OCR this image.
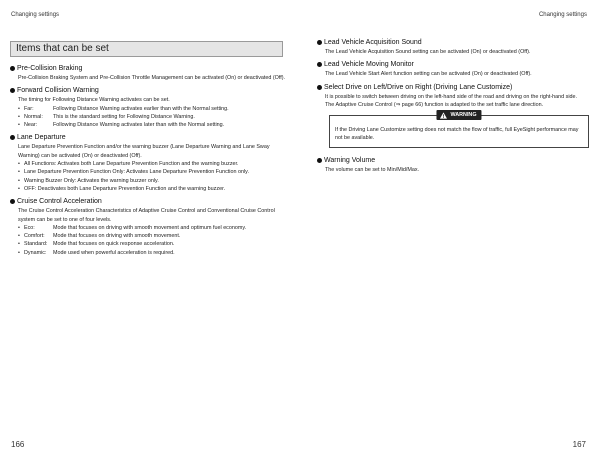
Changing settings
Items that can be set
Pre-Collision Braking
Pre-Collision Braking System and Pre-Collision Throttle Management can be activated (On) or deactivated (Off).
Forward Collision Warning
The timing for Following Distance Warning activates can be set.
• Far:	Following Distance Warning activates earlier than with the Normal setting.
• Normal:	This is the standard setting for Following Distance Warning.
• Near:	Following Distance Warning activates later than with the Normal setting.
Lane Departure
Lane Departure Prevention Function and/or the warning buzzer (Lane Departure Warning and Lane Sway Warning) can be activated (On) or deactivated (Off).
• All Functions: Activates both Lane Departure Prevention Function and the warning buzzer.
• Lane Departure Prevention Function Only: Activates Lane Departure Prevention Function only.
• Warning Buzzer Only: Activates the warning buzzer only.
• OFF: Deactivates both Lane Departure Prevention Function and the warning buzzer.
Cruise Control Acceleration
The Cruise Control Acceleration Characteristics of Adaptive Cruise Control and Conventional Cruise Control system can be set to one of four levels.
• Eco:	Mode that focuses on driving with smooth movement and optimum fuel economy.
• Comfort:	Mode that focuses on driving with smooth movement.
• Standard:	Mode that focuses on quick response acceleration.
• Dynamic:	Mode used when powerful acceleration is required.
166
Changing settings
Lead Vehicle Acquisition Sound
The Lead Vehicle Acquisition Sound setting can be activated (On) or deactivated (Off).
Lead Vehicle Moving Monitor
The Lead Vehicle Start Alert function setting can be activated (On) or deactivated (Off).
Select Drive on Left/Drive on Right (Driving Lane Customize)
It is possible to switch between driving on the left-hand side of the road and driving on the right-hand side.
The Adaptive Cruise Control (⇒ page 66) function is adapted to the set traffic lane direction.
WARNING
If the Driving Lane Customize setting does not match the flow of traffic, full EyeSight performance may not be available.
Warning Volume
The volume can be set to Min/Mid/Max.
167
